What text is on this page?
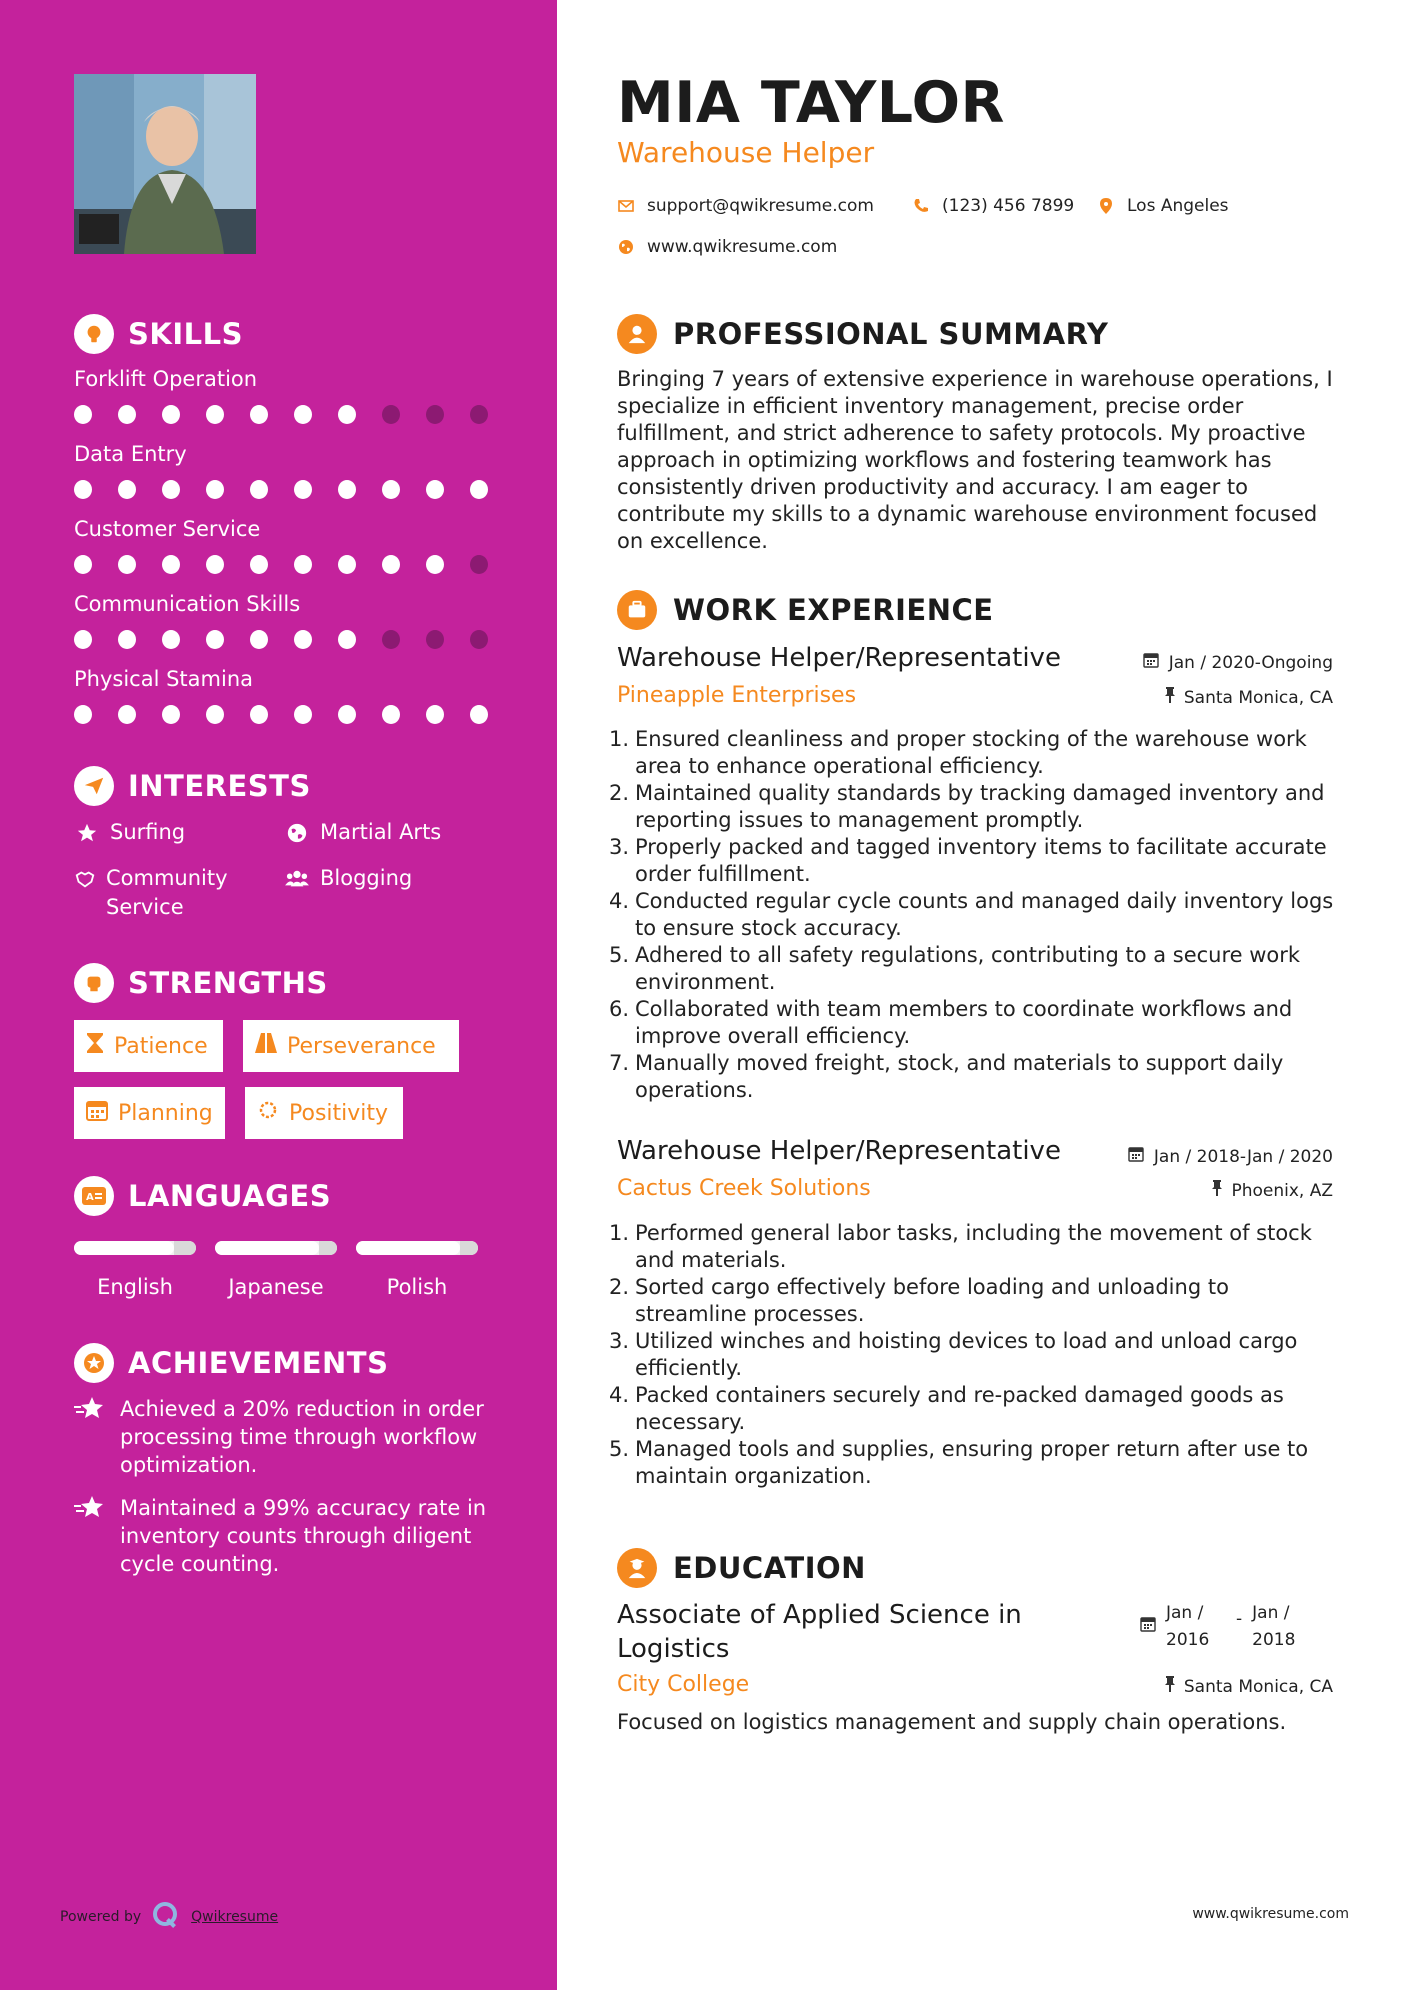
SKILLS
Forklift Operation
Data Entry
Customer Service
Communication Skills
Physical Stamina
INTERESTS
Surfing	Martial Arts
Community Service
Blogging
STRENGTHS
Patience	Perseverance
Planning	Positivity
A LANGUAGES
English	Japanese	Polish
ACHIEVEMENTS
Achieved a 20% reduction in order processing time through workflow optimization.
Maintained a 99% accuracy rate in inventory counts through diligent cycle counting.
Powered by	Qwikresume
MIA TAYLOR
Warehouse Helper
support@qwikresume.com	(123) 456 7899	Los Angeles
www.qwikresume.com
PROFESSIONAL SUMMARY
Bringing 7 years of extensive experience in warehouse operations, I specialize in efficient inventory management, precise order fulfillment, and strict adherence to safety protocols. My proactive approach in optimizing workflows and fostering teamwork has consistently driven productivity and accuracy. I am eager to contribute my skills to a dynamic warehouse environment focused on excellence.
WORK EXPERIENCE
Warehouse Helper/Representative	Jan / 2020-Ongoing
Pineapple Enterprises	Santa Monica, CA
1. Ensured cleanliness and proper stocking of the warehouse work area to enhance operational efficiency.
2. Maintained quality standards by tracking damaged inventory and reporting issues to management promptly.
3. Properly packed and tagged inventory items to facilitate accurate order fulfillment.
4. Conducted regular cycle counts and managed daily inventory logs to ensure stock accuracy.
5. Adhered to all safety regulations, contributing to a secure work environment.
6. Collaborated with team members to coordinate workflows and improve overall efficiency.
7. Manually moved freight, stock, and materials to support daily operations.
Warehouse Helper/Representative	Jan / 2018-Jan / 2020
Cactus Creek Solutions	Phoenix, AZ
1. Performed general labor tasks, including the movement of stock and materials.
2. Sorted cargo effectively before loading and unloading to streamline processes.
3. Utilized winches and hoisting devices to load and unload cargo efficiently.
4. Packed containers securely and re-packed damaged goods as necessary.
5. Managed tools and supplies, ensuring proper return after use to maintain organization.
EDUCATION
Associate of Applied Science in
Logistics
Jan /
2016
- Jan /
2018
City College	Santa Monica, CA
Focused on logistics management and supply chain operations.
www.qwikresume.com
